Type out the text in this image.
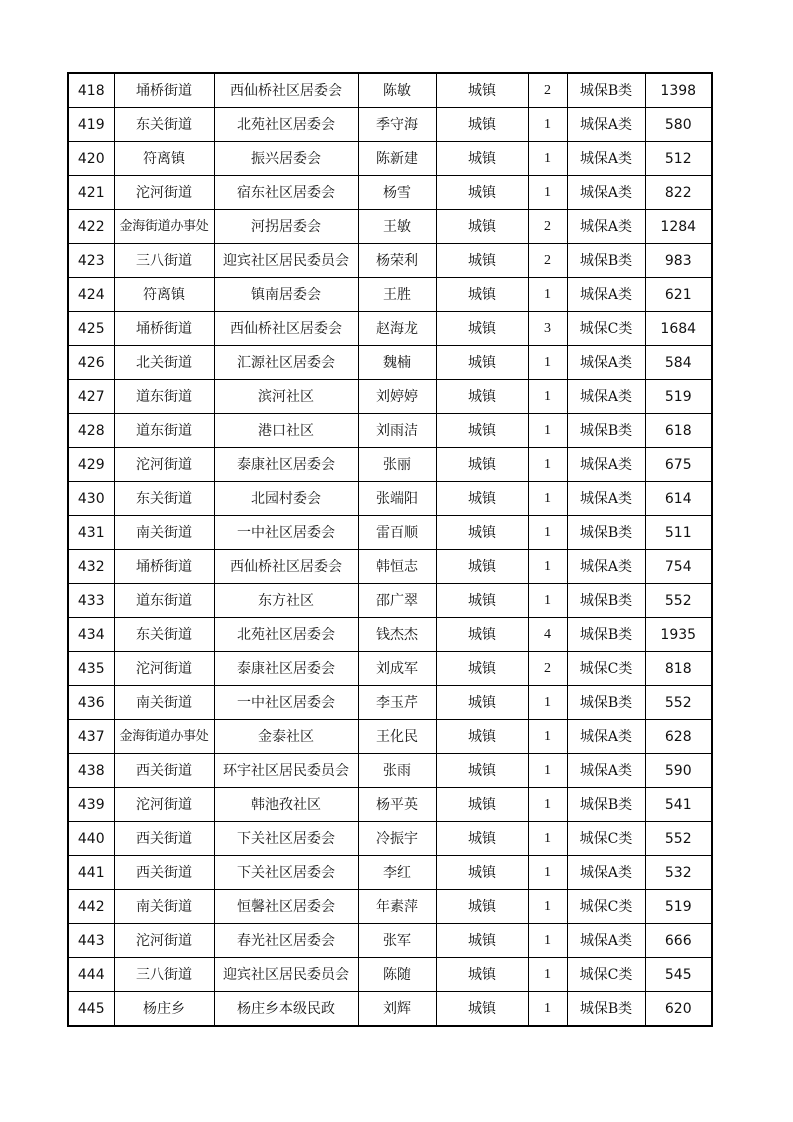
418	埇桥街道	西仙桥社区居委会	陈敏	城镇	2	城保B类	1398
419	东关街道	北苑社区居委会	季守海	城镇	1	城保A类	580
420	符离镇	振兴居委会	陈新建	城镇	1	城保A类	512
421	沱河街道	宿东社区居委会	杨雪	城镇	1	城保A类	822
422	金海街道办事处	河拐居委会	王敏	城镇	2	城保A类	1284
423	三八街道	迎宾社区居民委员会	杨荣利	城镇	2	城保B类	983
424	符离镇	镇南居委会	王胜	城镇	1	城保A类	621
425	埇桥街道	西仙桥社区居委会	赵海龙	城镇	3	城保C类	1684
426	北关街道	汇源社区居委会	魏楠	城镇	1	城保A类	584
427	道东街道	滨河社区	刘婷婷	城镇	1	城保A类	519
428	道东街道	港口社区	刘雨洁	城镇	1	城保B类	618
429	沱河街道	泰康社区居委会	张丽	城镇	1	城保A类	675
430	东关街道	北园村委会	张端阳	城镇	1	城保A类	614
431	南关街道	一中社区居委会	雷百顺	城镇	1	城保B类	511
432	埇桥街道	西仙桥社区居委会	韩恒志	城镇	1	城保A类	754
433	道东街道	东方社区	邵广翠	城镇	1	城保B类	552
434	东关街道	北苑社区居委会	钱杰杰	城镇	4	城保B类	1935
435	沱河街道	泰康社区居委会	刘成军	城镇	2	城保C类	818
436	南关街道	一中社区居委会	李玉芹	城镇	1	城保B类	552
437	金海街道办事处	金泰社区	王化民	城镇	1	城保A类	628
438	西关街道	环宇社区居民委员会	张雨	城镇	1	城保A类	590
439	沱河街道	韩池孜社区	杨平英	城镇	1	城保B类	541
440	西关街道	下关社区居委会	冷振宇	城镇	1	城保C类	552
441	西关街道	下关社区居委会	李红	城镇	1	城保A类	532
442	南关街道	恒馨社区居委会	年素萍	城镇	1	城保C类	519
443	沱河街道	春光社区居委会	张军	城镇	1	城保A类	666
444	三八街道	迎宾社区居民委员会	陈随	城镇	1	城保C类	545
445	杨庄乡	杨庄乡本级民政	刘辉	城镇	1	城保B类	620
